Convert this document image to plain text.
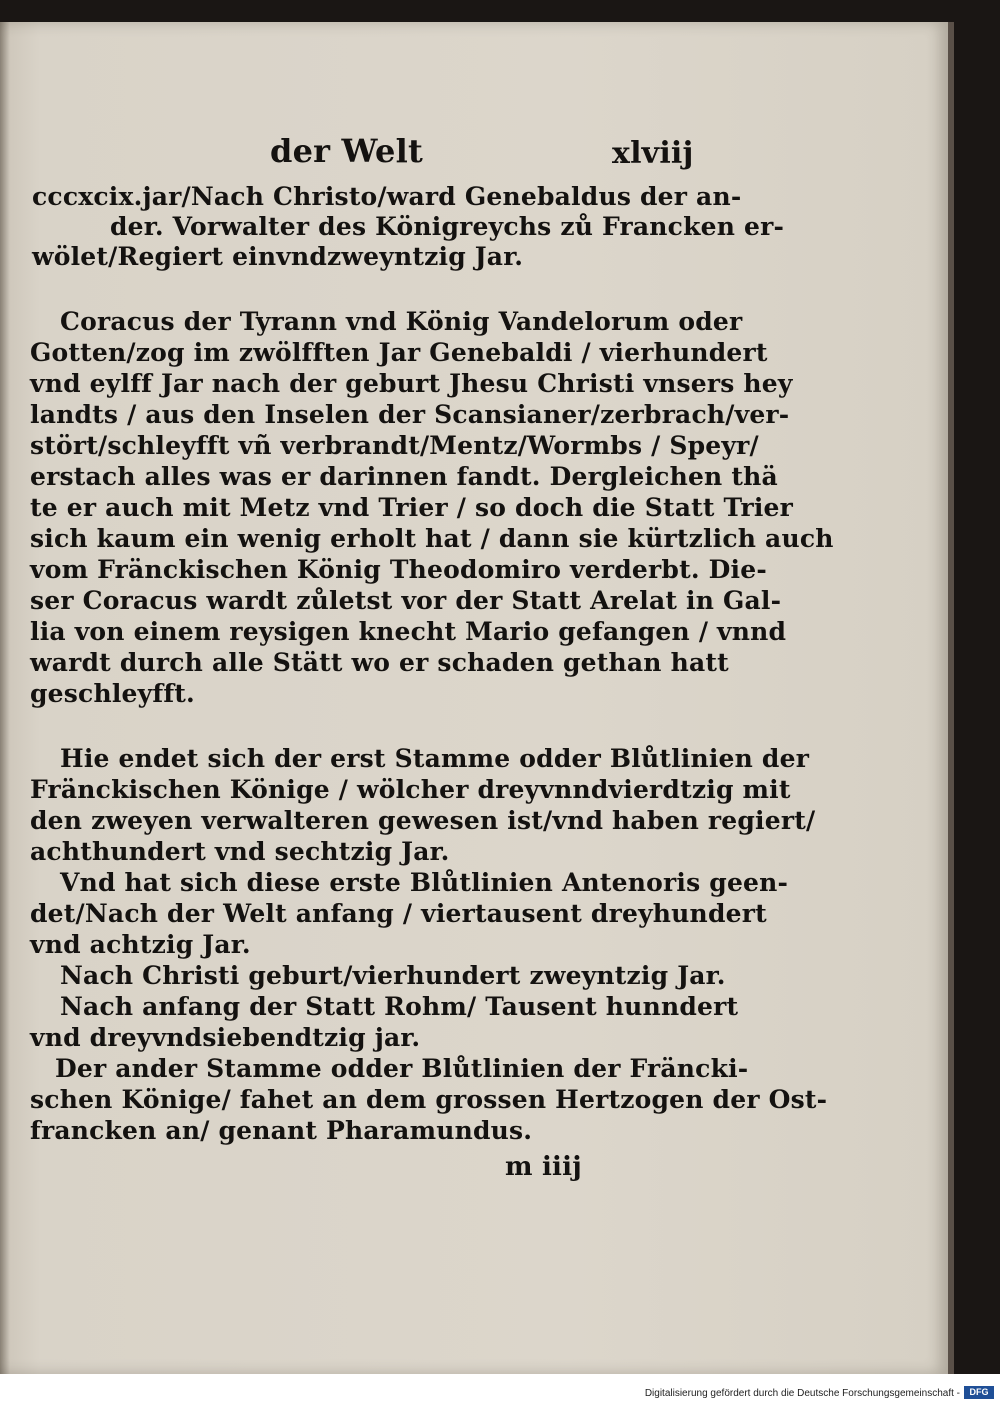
der Welt	xlviij
cccxcix.jar/Nach Christo/ward Genebaldus der an-
der. Vorwalter des Königreychs zů Francken er-
wölet/Regiert einvndzweyntzig Jar.
Coracus der Tyrann vnd König Vandelorum oder
Gotten/zog im zwölfften Jar Genebaldi / vierhundert
vnd eylff Jar nach der geburt Jhesu Christi vnsers hey
landts / aus den Inselen der Scansianer/zerbrach/ver-
stört/schleyfft vñ verbrandt/Mentz/Wormbs / Speyr/
erstach alles was er darinnen fandt. Dergleichen thä
te er auch mit Metz vnd Trier / so doch die Statt Trier
sich kaum ein wenig erholt hat / dann sie kürtzlich auch
vom Fränckischen König Theodomiro verderbt. Die-
ser Coracus wardt zůletst vor der Statt Arelat in Gal-
lia von einem reysigen knecht Mario gefangen / vnnd
wardt durch alle Stätt wo er schaden gethan hatt
geschleyfft.
Hie endet sich der erst Stamme odder Blůtlinien der
Fränckischen Könige / wölcher dreyvnndvierdtzig mit
den zweyen verwalteren gewesen ist/vnd haben regiert/
achthundert vnd sechtzig Jar.
Vnd hat sich diese erste Blůtlinien Antenoris geen-
det/Nach der Welt anfang / viertausent dreyhundert
vnd achtzig Jar.
Nach Christi geburt/vierhundert zweyntzig Jar.
Nach anfang der Statt Rohm/ Tausent hunndert
vnd dreyvndsiebendtzig jar.
Der ander Stamme odder Blůtlinien der Fräncki-
schen Könige/ fahet an dem grossen Hertzogen der Ost-
francken an/ genant Pharamundus.
m iiij
Digitalisierung gefördert durch die Deutsche Forschungsgemeinschaft -	DFG
